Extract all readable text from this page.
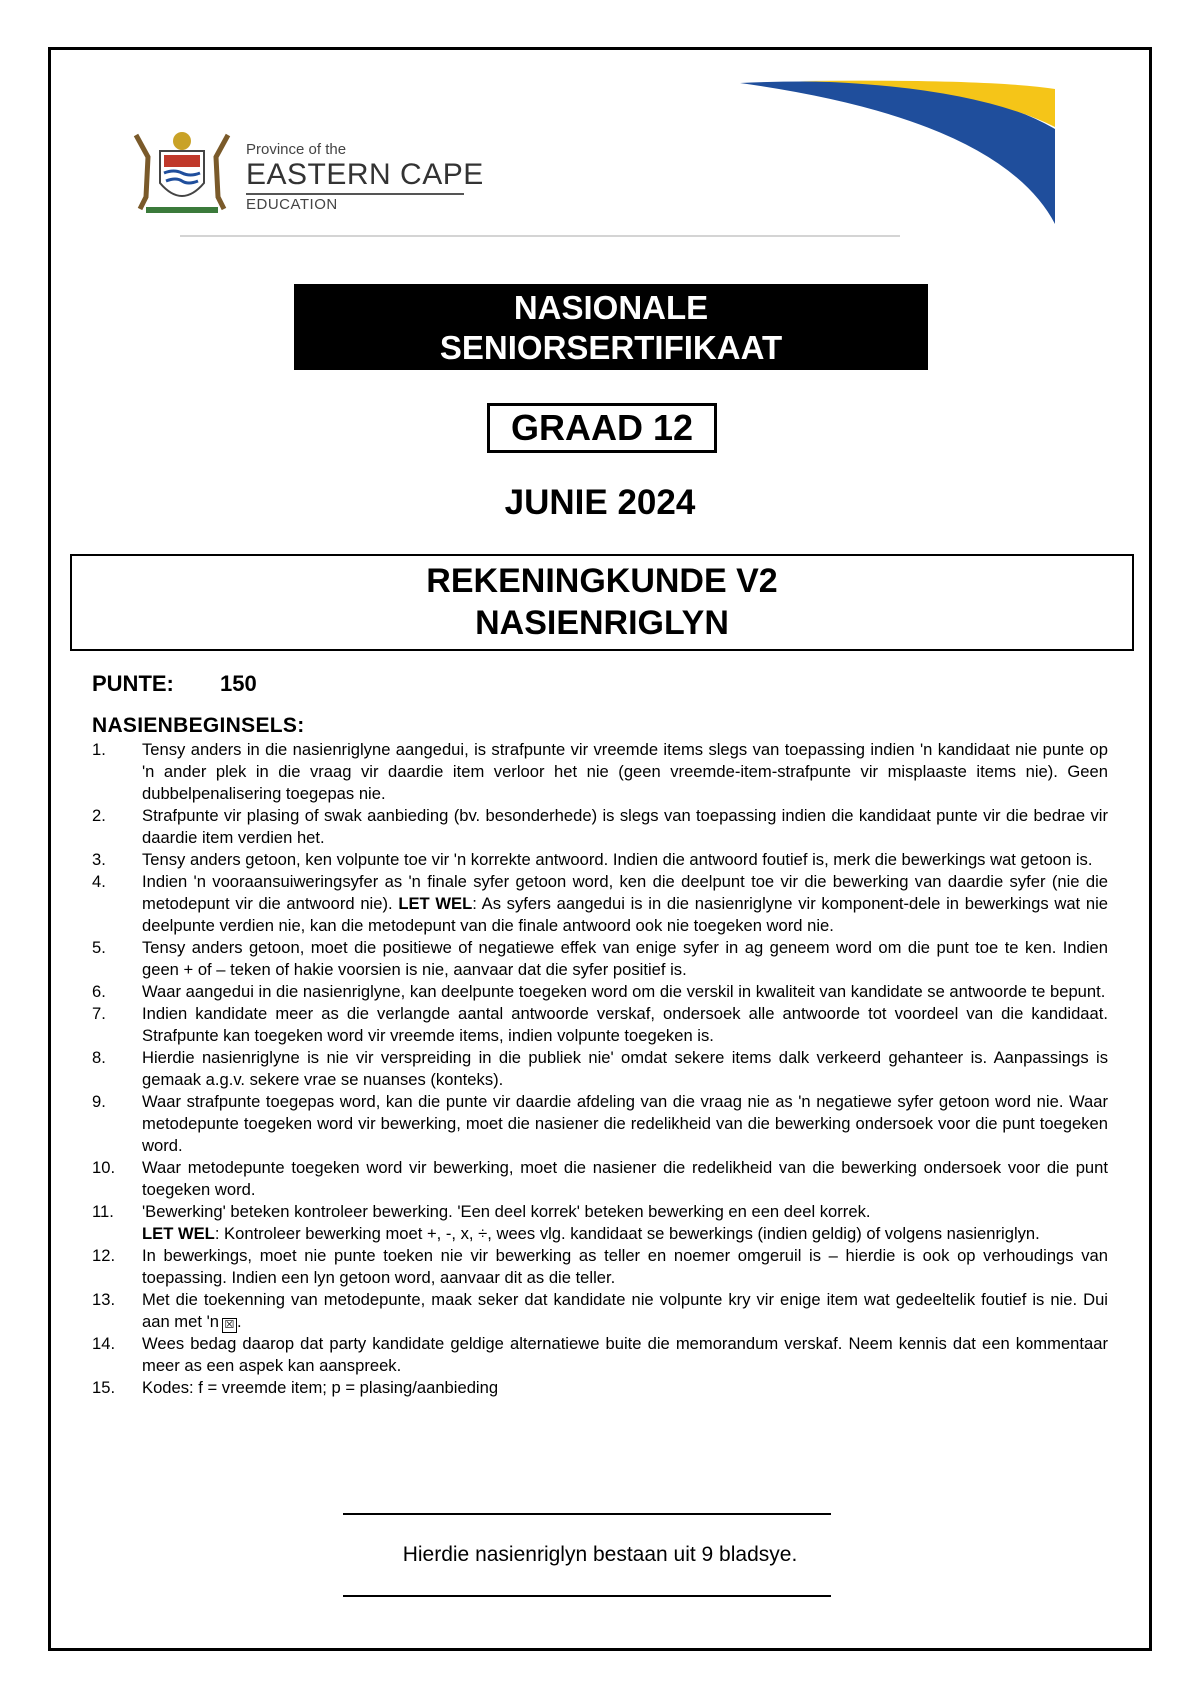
Province of the
EASTERN CAPE
EDUCATION
NASIONALE
SENIORSERTIFIKAAT
GRAAD 12
JUNIE 2024
REKENINGKUNDE V2
NASIENRIGLYN
PUNTE: 150
NASIENBEGINSELS:
1.	Tensy anders in die nasienriglyne aangedui, is strafpunte vir vreemde items slegs van toepassing indien 'n kandidaat nie punte op 'n ander plek in die vraag vir daardie item verloor het nie (geen vreemde-item-strafpunte vir misplaaste items nie). Geen dubbelpenalisering toegepas nie.
2.	Strafpunte vir plasing of swak aanbieding (bv. besonderhede) is slegs van toepassing indien die kandidaat punte vir die bedrae vir daardie item verdien het.
3.	Tensy anders getoon, ken volpunte toe vir 'n korrekte antwoord. Indien die antwoord foutief is, merk die bewerkings wat getoon is.
4.	Indien 'n vooraansuiweringsyfer as 'n finale syfer getoon word, ken die deelpunt toe vir die bewerking van daardie syfer (nie die metodepunt vir die antwoord nie). LET WEL: As syfers aangedui is in die nasienriglyne vir komponent-dele in bewerkings wat nie deelpunte verdien nie, kan die metodepunt van die finale antwoord ook nie toegeken word nie.
5.	Tensy anders getoon, moet die positiewe of negatiewe effek van enige syfer in ag geneem word om die punt toe te ken. Indien geen + of – teken of hakie voorsien is nie, aanvaar dat die syfer positief is.
6.	Waar aangedui in die nasienriglyne, kan deelpunte toegeken word om die verskil in kwaliteit van kandidate se antwoorde te bepunt.
7.	Indien kandidate meer as die verlangde aantal antwoorde verskaf, ondersoek alle antwoorde tot voordeel van die kandidaat. Strafpunte kan toegeken word vir vreemde items, indien volpunte toegeken is.
8.	Hierdie nasienriglyne is nie vir verspreiding in die publiek nie' omdat sekere items dalk verkeerd gehanteer is. Aanpassings is gemaak a.g.v. sekere vrae se nuanses (konteks).
9.	Waar strafpunte toegepas word, kan die punte vir daardie afdeling van die vraag nie as 'n negatiewe syfer getoon word nie. Waar metodepunte toegeken word vir bewerking, moet die nasiener die redelikheid van die bewerking ondersoek voor die punt toegeken word.
10.	Waar metodepunte toegeken word vir bewerking, moet die nasiener die redelikheid van die bewerking ondersoek voor die punt toegeken word.
11.	'Bewerking' beteken kontroleer bewerking. 'Een deel korrek' beteken bewerking en een deel korrek.
LET WEL: Kontroleer bewerking moet +, -, x, ÷, wees vlg. kandidaat se bewerkings (indien geldig) of volgens nasienriglyn.
12.	In bewerkings, moet nie punte toeken nie vir bewerking as teller en noemer omgeruil is – hierdie is ook op verhoudings van toepassing. Indien een lyn getoon word, aanvaar dit as die teller.
13.	Met die toekenning van metodepunte, maak seker dat kandidate nie volpunte kry vir enige item wat gedeeltelik foutief is nie. Dui aan met 'n ☒ .
14.	Wees bedag daarop dat party kandidate geldige alternatiewe buite die memorandum verskaf. Neem kennis dat een kommentaar meer as een aspek kan aanspreek.
15.	Kodes: f = vreemde item; p = plasing/aanbieding
Hierdie nasienriglyn bestaan uit 9 bladsye.
